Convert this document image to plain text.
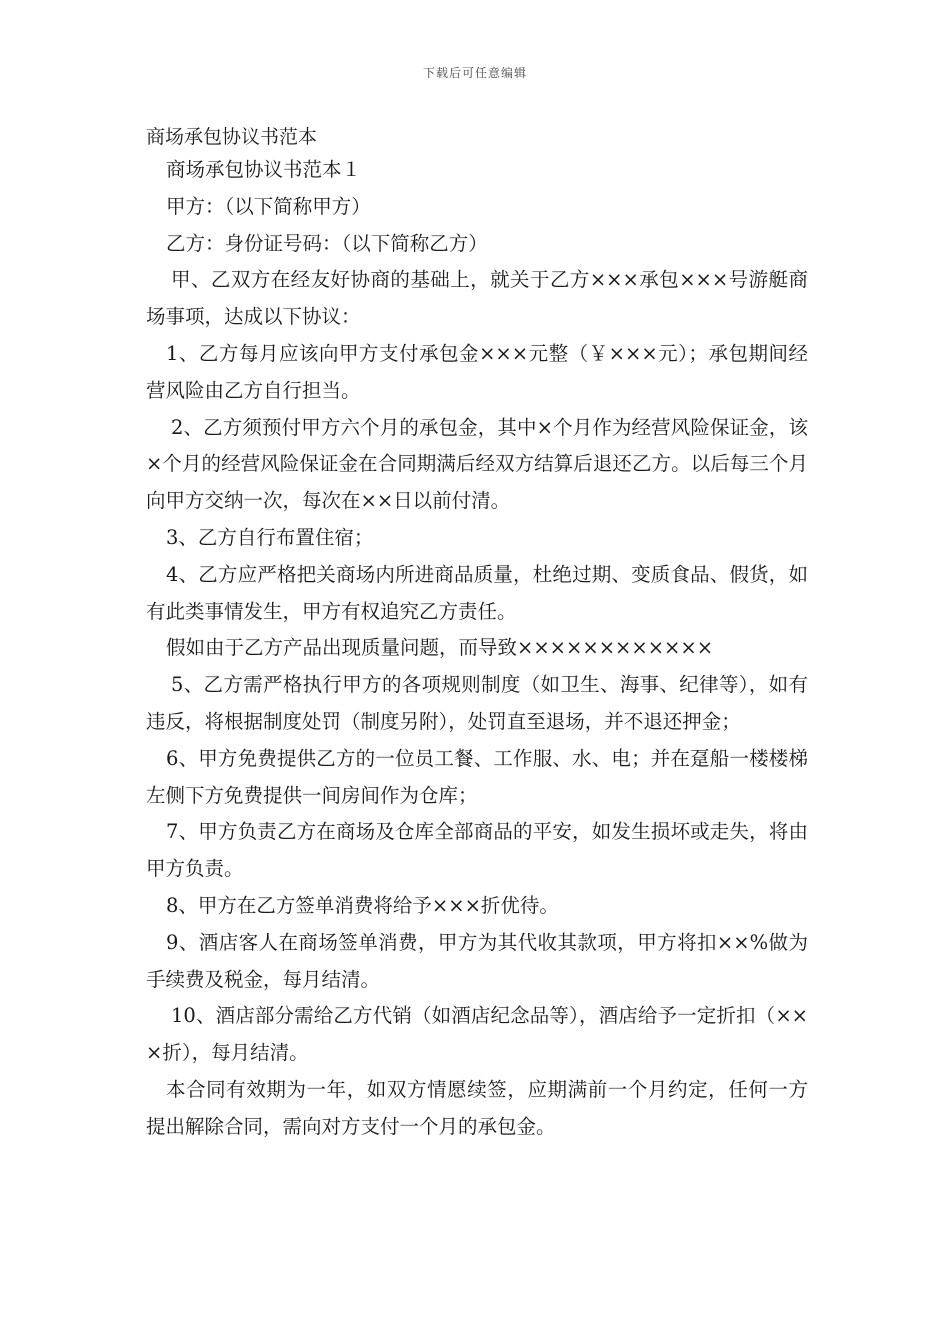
下载后可任意编辑
商场承包协议书范本

商场承包协议书范本１

甲方：（以下简称甲方）

乙方：身份证号码：（以下简称乙方）

甲、乙双方在经友好协商的基础上，就关于乙方×××承包×××号游艇商场事项，达成以下协议：

1、乙方每月应该向甲方支付承包金×××元整（￥×××元）；承包期间经营风险由乙方自行担当。

2、乙方须预付甲方六个月的承包金，其中×个月作为经营风险保证金，该×个月的经营风险保证金在合同期满后经双方结算后退还乙方。以后每三个月向甲方交纳一次，每次在××日以前付清。

3、乙方自行布置住宿；

4、乙方应严格把关商场内所进商品质量，杜绝过期、变质食品、假货，如有此类事情发生，甲方有权追究乙方责任。

假如由于乙方产品出现质量问题，而导致××××××××××××

5、乙方需严格执行甲方的各项规则制度（如卫生、海事、纪律等），如有违反，将根据制度处罚（制度另附），处罚直至退场，并不退还押金；

6、甲方免费提供乙方的一位员工餐、工作服、水、电；并在趸船一楼楼梯左侧下方免费提供一间房间作为仓库；

7、甲方负责乙方在商场及仓库全部商品的平安，如发生损坏或走失，将由甲方负责。

8、甲方在乙方签单消费将给予×××折优待。

9、酒店客人在商场签单消费，甲方为其代收其款项，甲方将扣××%做为手续费及税金，每月结清。

10、酒店部分需给乙方代销（如酒店纪念品等），酒店给予一定折扣（×××折），每月结清。

本合同有效期为一年，如双方情愿续签，应期满前一个月约定，任何一方提出解除合同，需向对方支付一个月的承包金。
